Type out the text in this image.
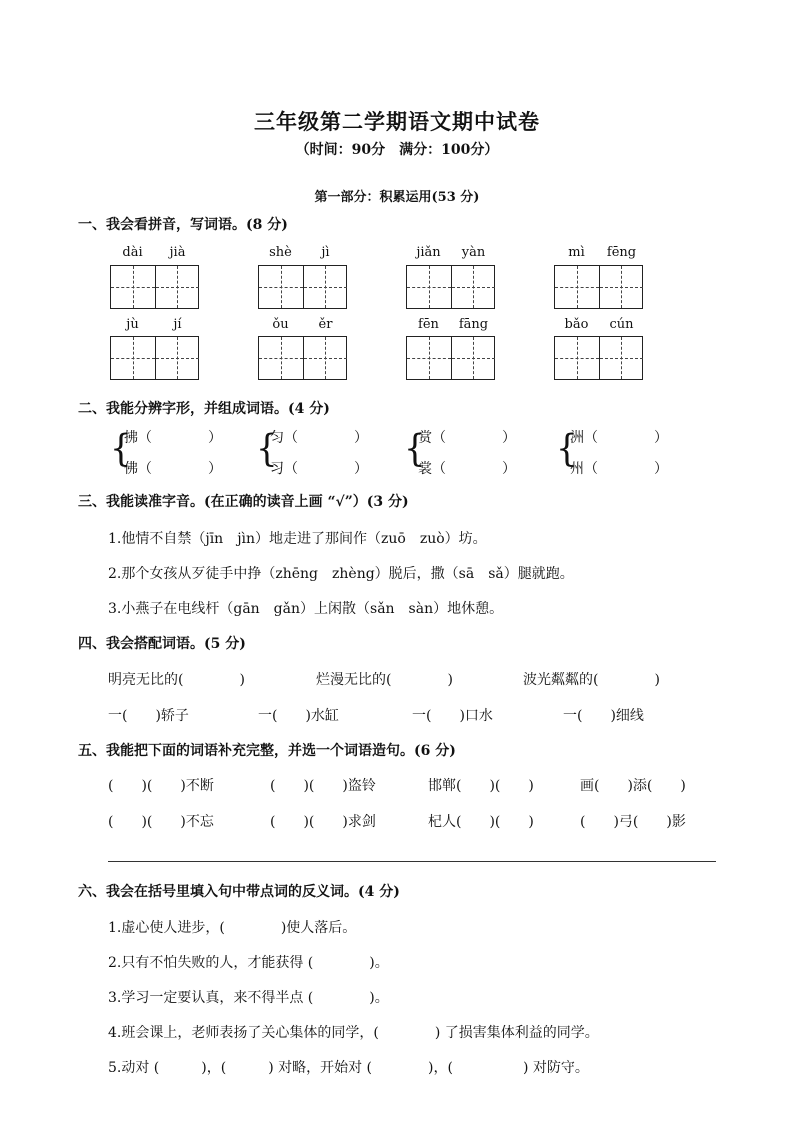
三年级第二学期语文期中试卷
（时间：90分　满分：100分）
第一部分：积累运用(53 分)
一、我会看拼音，写词语。(8 分)
dài jià	shè jì	jiǎn yàn	mì fēng
jù	jí	ǒu ěr	fēn fāng	bǎo cún
二、我能分辨字形，并组成词语。(4 分)
{
拂（　　　　）
佛（　　　　） {
匀（　　　　）
习（　　　　） {
赏（　　　　）
裳（　　　　） {
洲（　　　　）
州（　　　　）
三、我能读准字音。(在正确的读音上画 “√”）(3 分)
1.他情不自禁（jīn　jìn）地走进了那间作（zuō　zuò）坊。
2.那个女孩从歹徒手中挣（zhēng　zhèng）脱后，撒（sā　sǎ）腿就跑。
3.小燕子在电线杆（gān　gǎn）上闲散（sǎn　sàn）地休憩。
四、我会搭配词语。(5 分)
明亮无比的(　　　　)	烂漫无比的(　　　　)	波光粼粼的(　　　　)
一(　　)轿子	一(　　)水缸	一(　　)口水	一(　　)细线
五、我能把下面的词语补充完整，并选一个词语造句。(6 分)
(　　)(　　)不断	(　　)(　　)盗铃	邯郸(　　)(　　)	画(　　)添(　　)
(　　)(　　)不忘	(　　)(　　)求剑	杞人(　　)(　　)	(　　)弓(　　)影
六、我会在括号里填入句中带点词的反义词。(4 分)
1.虚心使人进步，(　　　　)使人落后。
2.只有不怕失败的人，才能获得 (　　　　)。
3.学习一定要认真，来不得半点 (　　　　)。
4.班会课上，老师表扬了关心集体的同学，(　　　　) 了损害集体利益的同学。
5.动对 (　　　)，(　　　) 对略，开始对 (　　　　)，(　　　　　) 对防守。
